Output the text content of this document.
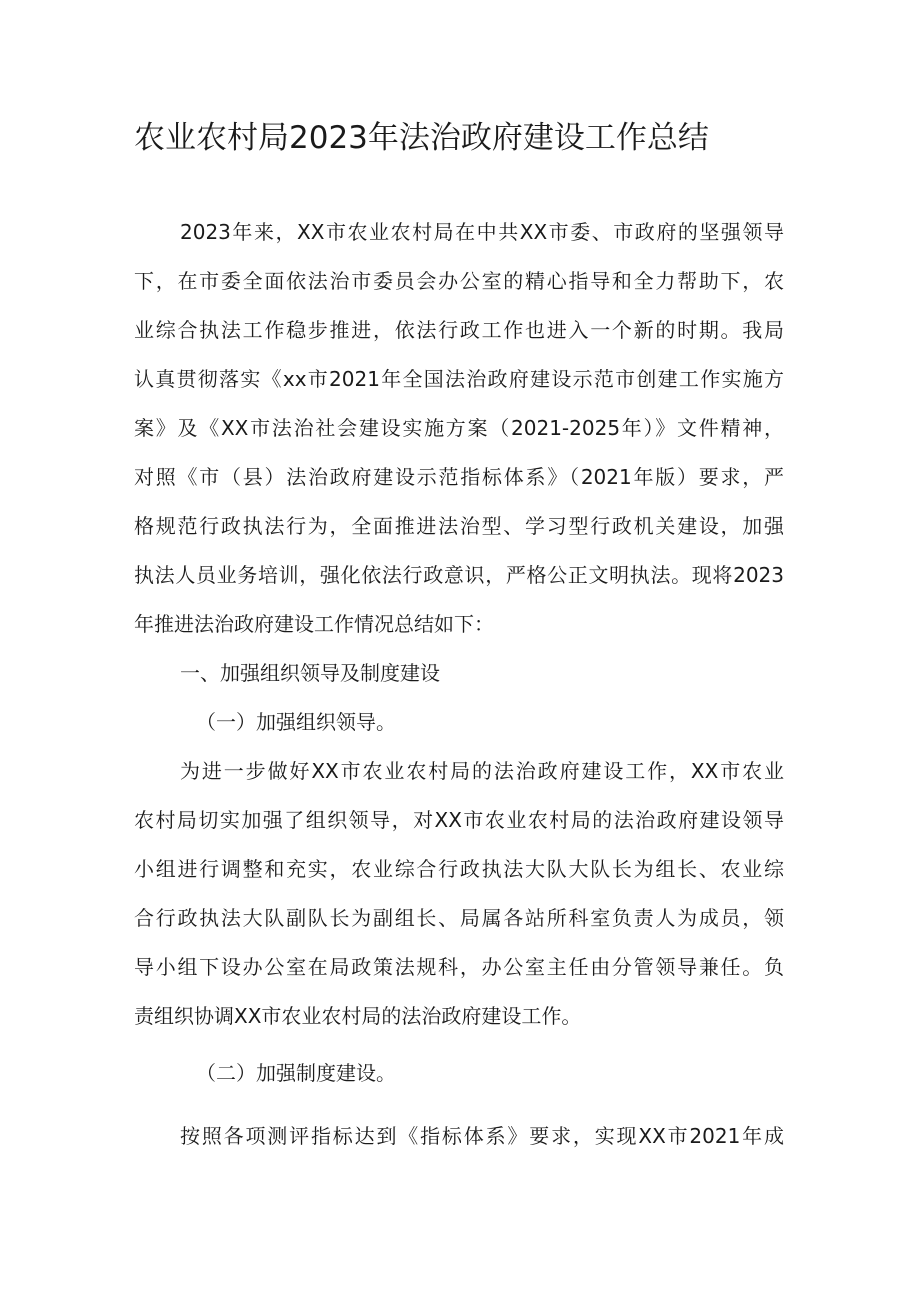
农业农村局2023年法治政府建设工作总结
2023年来，XX市农业农村局在中共XX市委、市政府的坚强领导
下，在市委全面依法治市委员会办公室的精心指导和全力帮助下，农
业综合执法工作稳步推进，依法行政工作也进入一个新的时期。我局
认真贯彻落实《xx市2021年全国法治政府建设示范市创建工作实施方
案》及《XX市法治社会建设实施方案（2021-2025年）》文件精神，
对照《市（县）法治政府建设示范指标体系》（2021年版）要求，严
格规范行政执法行为，全面推进法治型、学习型行政机关建设，加强
执法人员业务培训，强化依法行政意识，严格公正文明执法。现将2023
年推进法治政府建设工作情况总结如下：
一、加强组织领导及制度建设
（一）加强组织领导。
为进一步做好XX市农业农村局的法治政府建设工作，XX市农业
农村局切实加强了组织领导，对XX市农业农村局的法治政府建设领导
小组进行调整和充实，农业综合行政执法大队大队长为组长、农业综
合行政执法大队副队长为副组长、局属各站所科室负责人为成员，领
导小组下设办公室在局政策法规科，办公室主任由分管领导兼任。负
责组织协调XX市农业农村局的法治政府建设工作。
（二）加强制度建设。
按照各项测评指标达到《指标体系》要求，实现XX市2021年成
